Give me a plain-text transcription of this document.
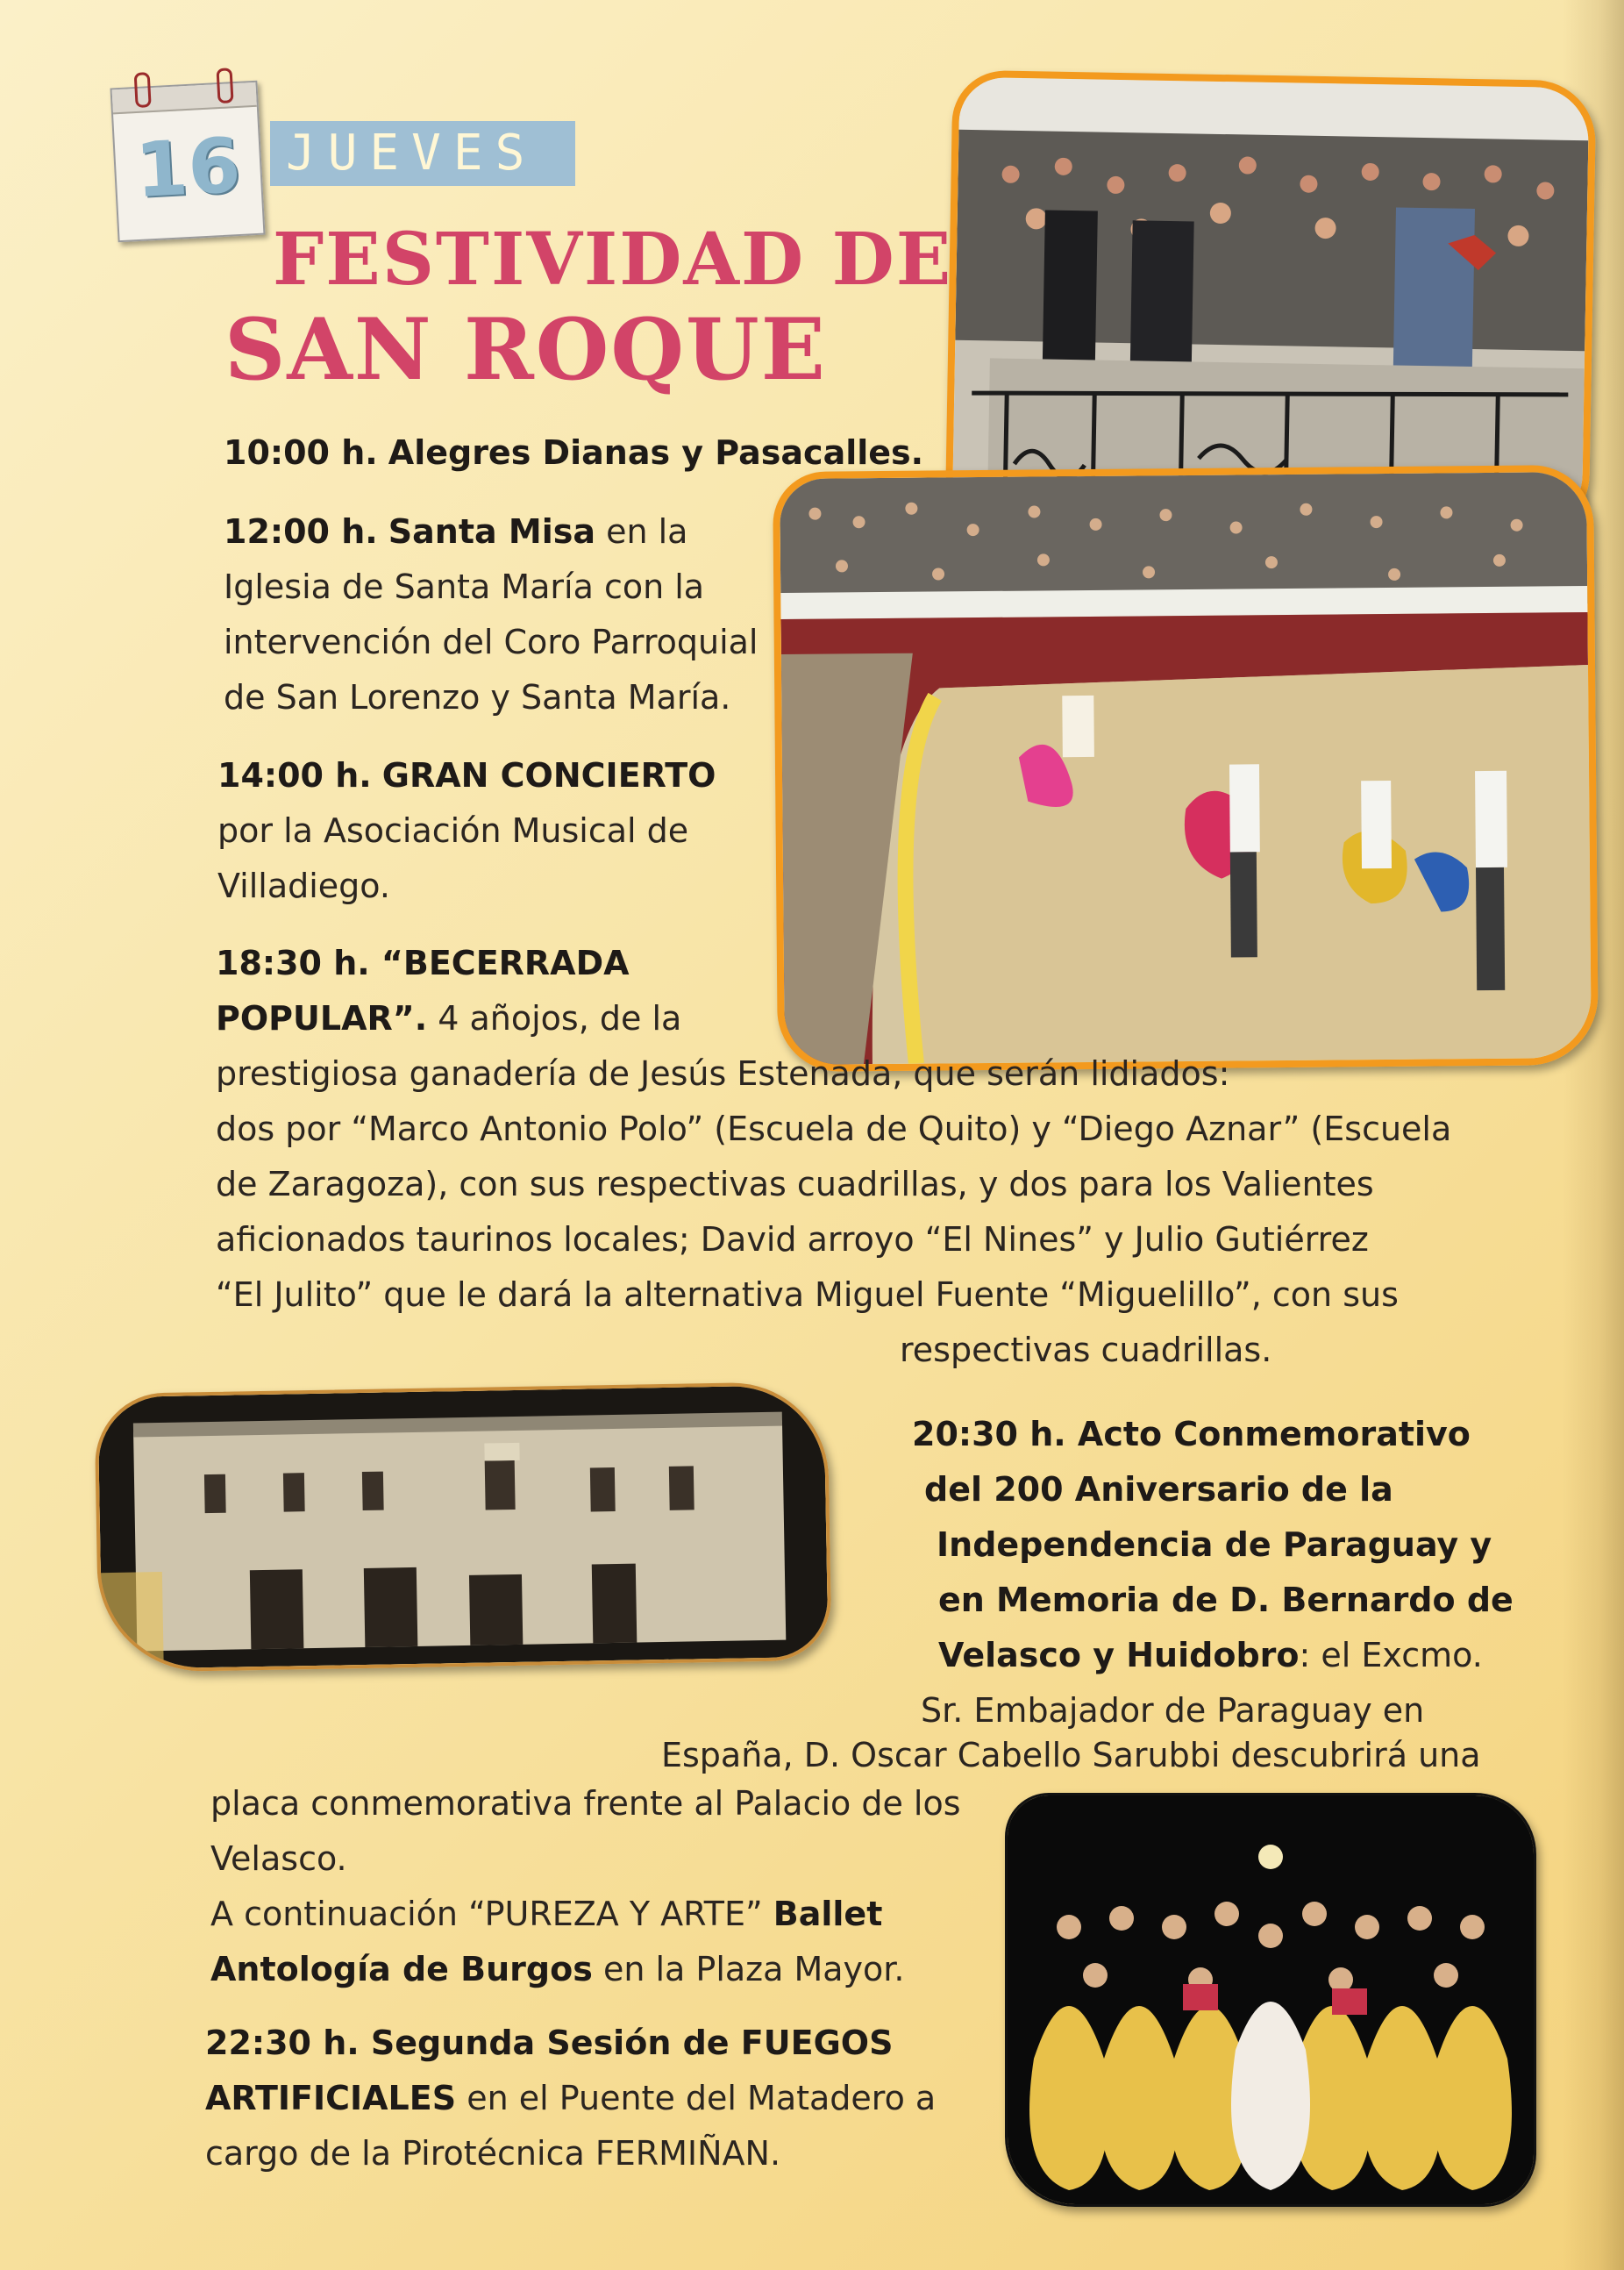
16 JUEVES
FESTIVIDAD DE
SAN ROQUE
10:00 h. Alegres Dianas y Pasacalles.
12:00 h. Santa Misa en la
Iglesia de Santa María con la
intervención del Coro Parroquial
de San Lorenzo y Santa María.
14:00 h. GRAN CONCIERTO
por la Asociación Musical de
Villadiego.
18:30 h. “BECERRADA
POPULAR”. 4 añojos, de la
prestigiosa ganadería de Jesús Estenada, que serán lidiados:
dos por “Marco Antonio Polo” (Escuela de Quito) y “Diego Aznar” (Escuela
de Zaragoza), con sus respectivas cuadrillas, y dos para los Valientes
aficionados taurinos locales; David arroyo “El Nines” y Julio Gutiérrez
“El Julito” que le dará la alternativa Miguel Fuente “Miguelillo”, con sus
respectivas cuadrillas.
20:30 h. Acto Conmemorativo
del 200 Aniversario de la
Independencia de Paraguay y
en Memoria de D. Bernardo de
Velasco y Huidobro: el Excmo.
Sr. Embajador de Paraguay en
España, D. Oscar Cabello Sarubbi descubrirá una
placa conmemorativa frente al Palacio de los
Velasco.
A continuación “PUREZA Y ARTE” Ballet
Antología de Burgos en la Plaza Mayor.
22:30 h. Segunda Sesión de FUEGOS
ARTIFICIALES en el Puente del Matadero a
cargo de la Pirotécnica FERMIÑAN.
